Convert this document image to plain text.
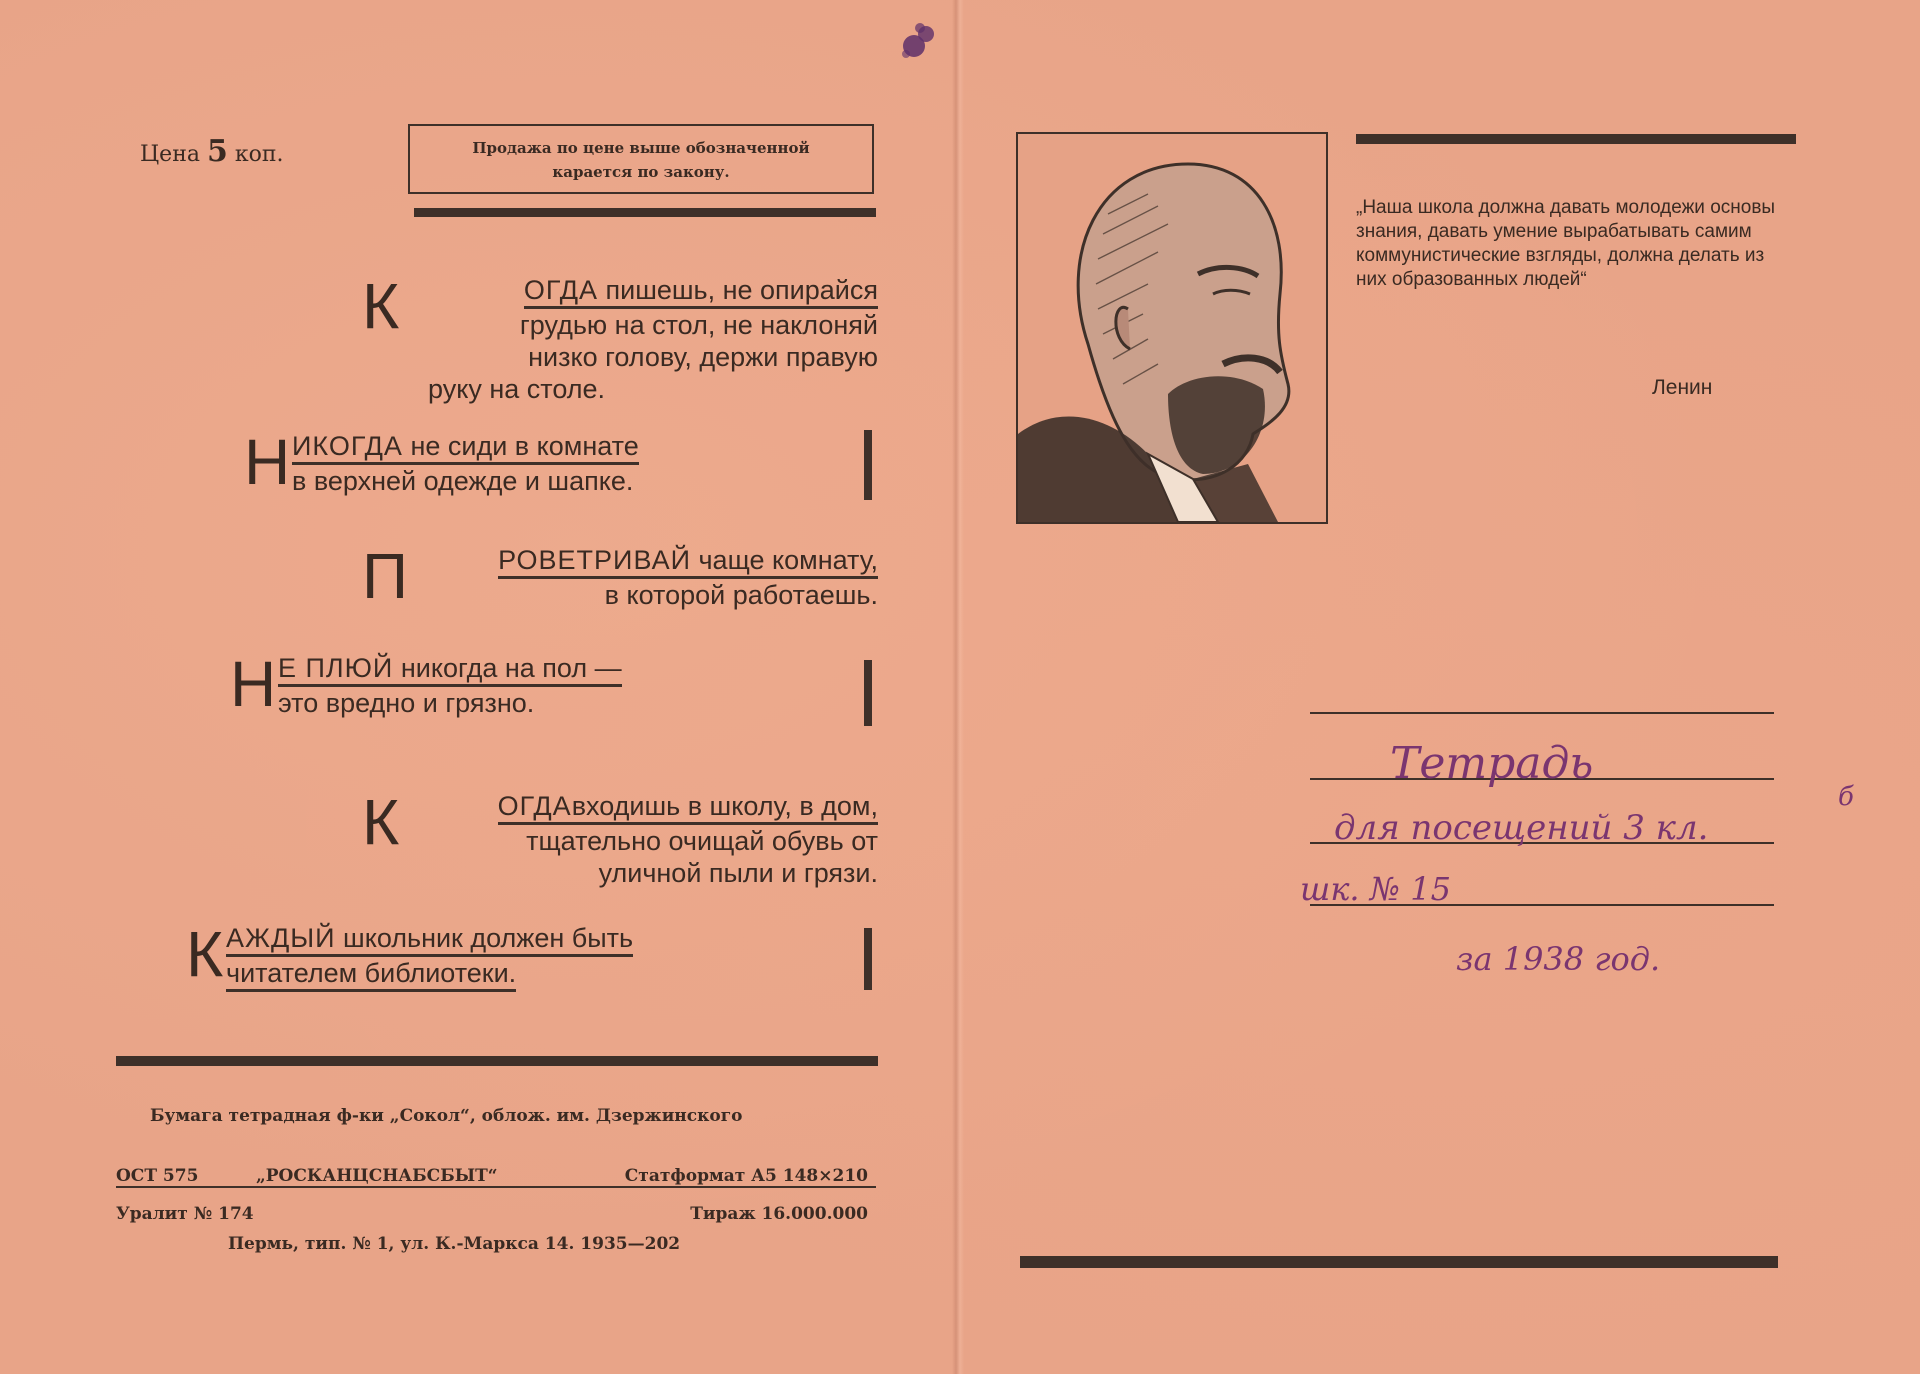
Цена 5 коп.	Продажа по цене выше обозначенной
карается по закону.
К	ОГДА пишешь, не опирайся
грудью на стол, не наклоняй
низко голову, держи правую
руку на столе.
Н ИКОГДА не сиди в комнате
в верхней одежде и шапке.
П	РОВЕТРИВАЙ чаще комнату,
в которой работаешь.
Н Е ПЛЮЙ никогда на пол —
это вредно и грязно.
К	ОГДАвходишь в школу, в дом,
тщательно очищай обувь от
уличной пыли и грязи.
К АЖДЫЙ школьник должен быть читателем библиотеки.
Бумага тетрадная ф-ки „Сокол“, облож. им. Дзержинского
ОСТ 575	„РОСКАНЦСНАБСБЫТ“	Статформат А5 148×210
Уралит № 174	Тираж 16.000.000
Пермь, тип. № 1, ул. К.-Маркса 14. 1935—202
„Наша школа должна давать молодежи основы знания, давать умение вырабатывать самим коммунистические взгляды, должна делать из них образованных людей“
Ленин
Тетрадь
для посещений 3 кл.
б
шк. № 15
за 1938 год.
